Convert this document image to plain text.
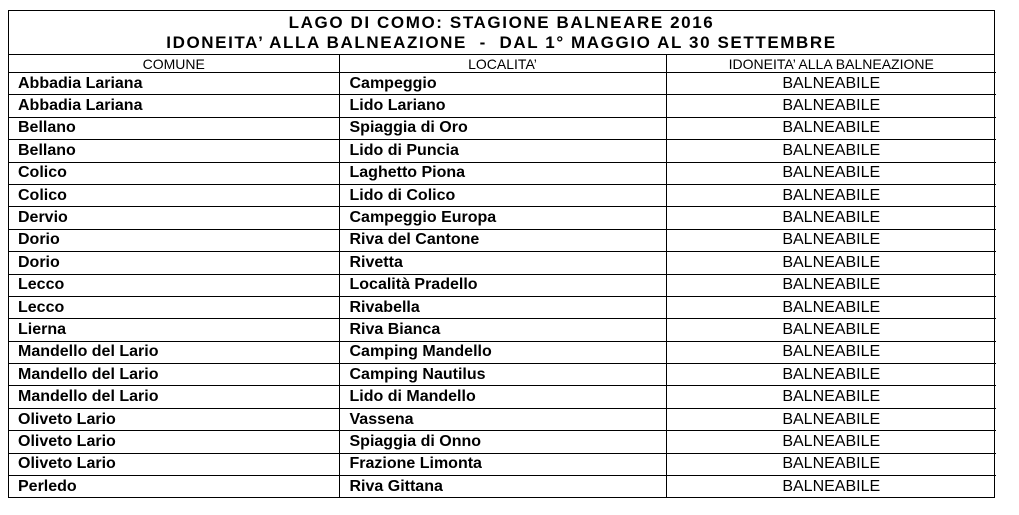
LAGO DI COMO: STAGIONE BALNEARE 2016
IDONEITA’ ALLA BALNEAZIONE  -  DAL 1° MAGGIO AL 30 SETTEMBRE
COMUNE	LOCALITA’	IDONEITA’ ALLA BALNEAZIONE
Abbadia Lariana	Campeggio	BALNEABILE
Abbadia Lariana	Lido Lariano	BALNEABILE
Bellano	Spiaggia di Oro	BALNEABILE
Bellano	Lido di Puncia	BALNEABILE
Colico	Laghetto Piona	BALNEABILE
Colico	Lido di Colico	BALNEABILE
Dervio	Campeggio Europa	BALNEABILE
Dorio	Riva del Cantone	BALNEABILE
Dorio	Rivetta	BALNEABILE
Lecco	Località Pradello	BALNEABILE
Lecco	Rivabella	BALNEABILE
Lierna	Riva Bianca	BALNEABILE
Mandello del Lario	Camping Mandello	BALNEABILE
Mandello del Lario	Camping Nautilus	BALNEABILE
Mandello del Lario	Lido di Mandello	BALNEABILE
Oliveto Lario	Vassena	BALNEABILE
Oliveto Lario	Spiaggia di Onno	BALNEABILE
Oliveto Lario	Frazione Limonta	BALNEABILE
Perledo	Riva Gittana	BALNEABILE
